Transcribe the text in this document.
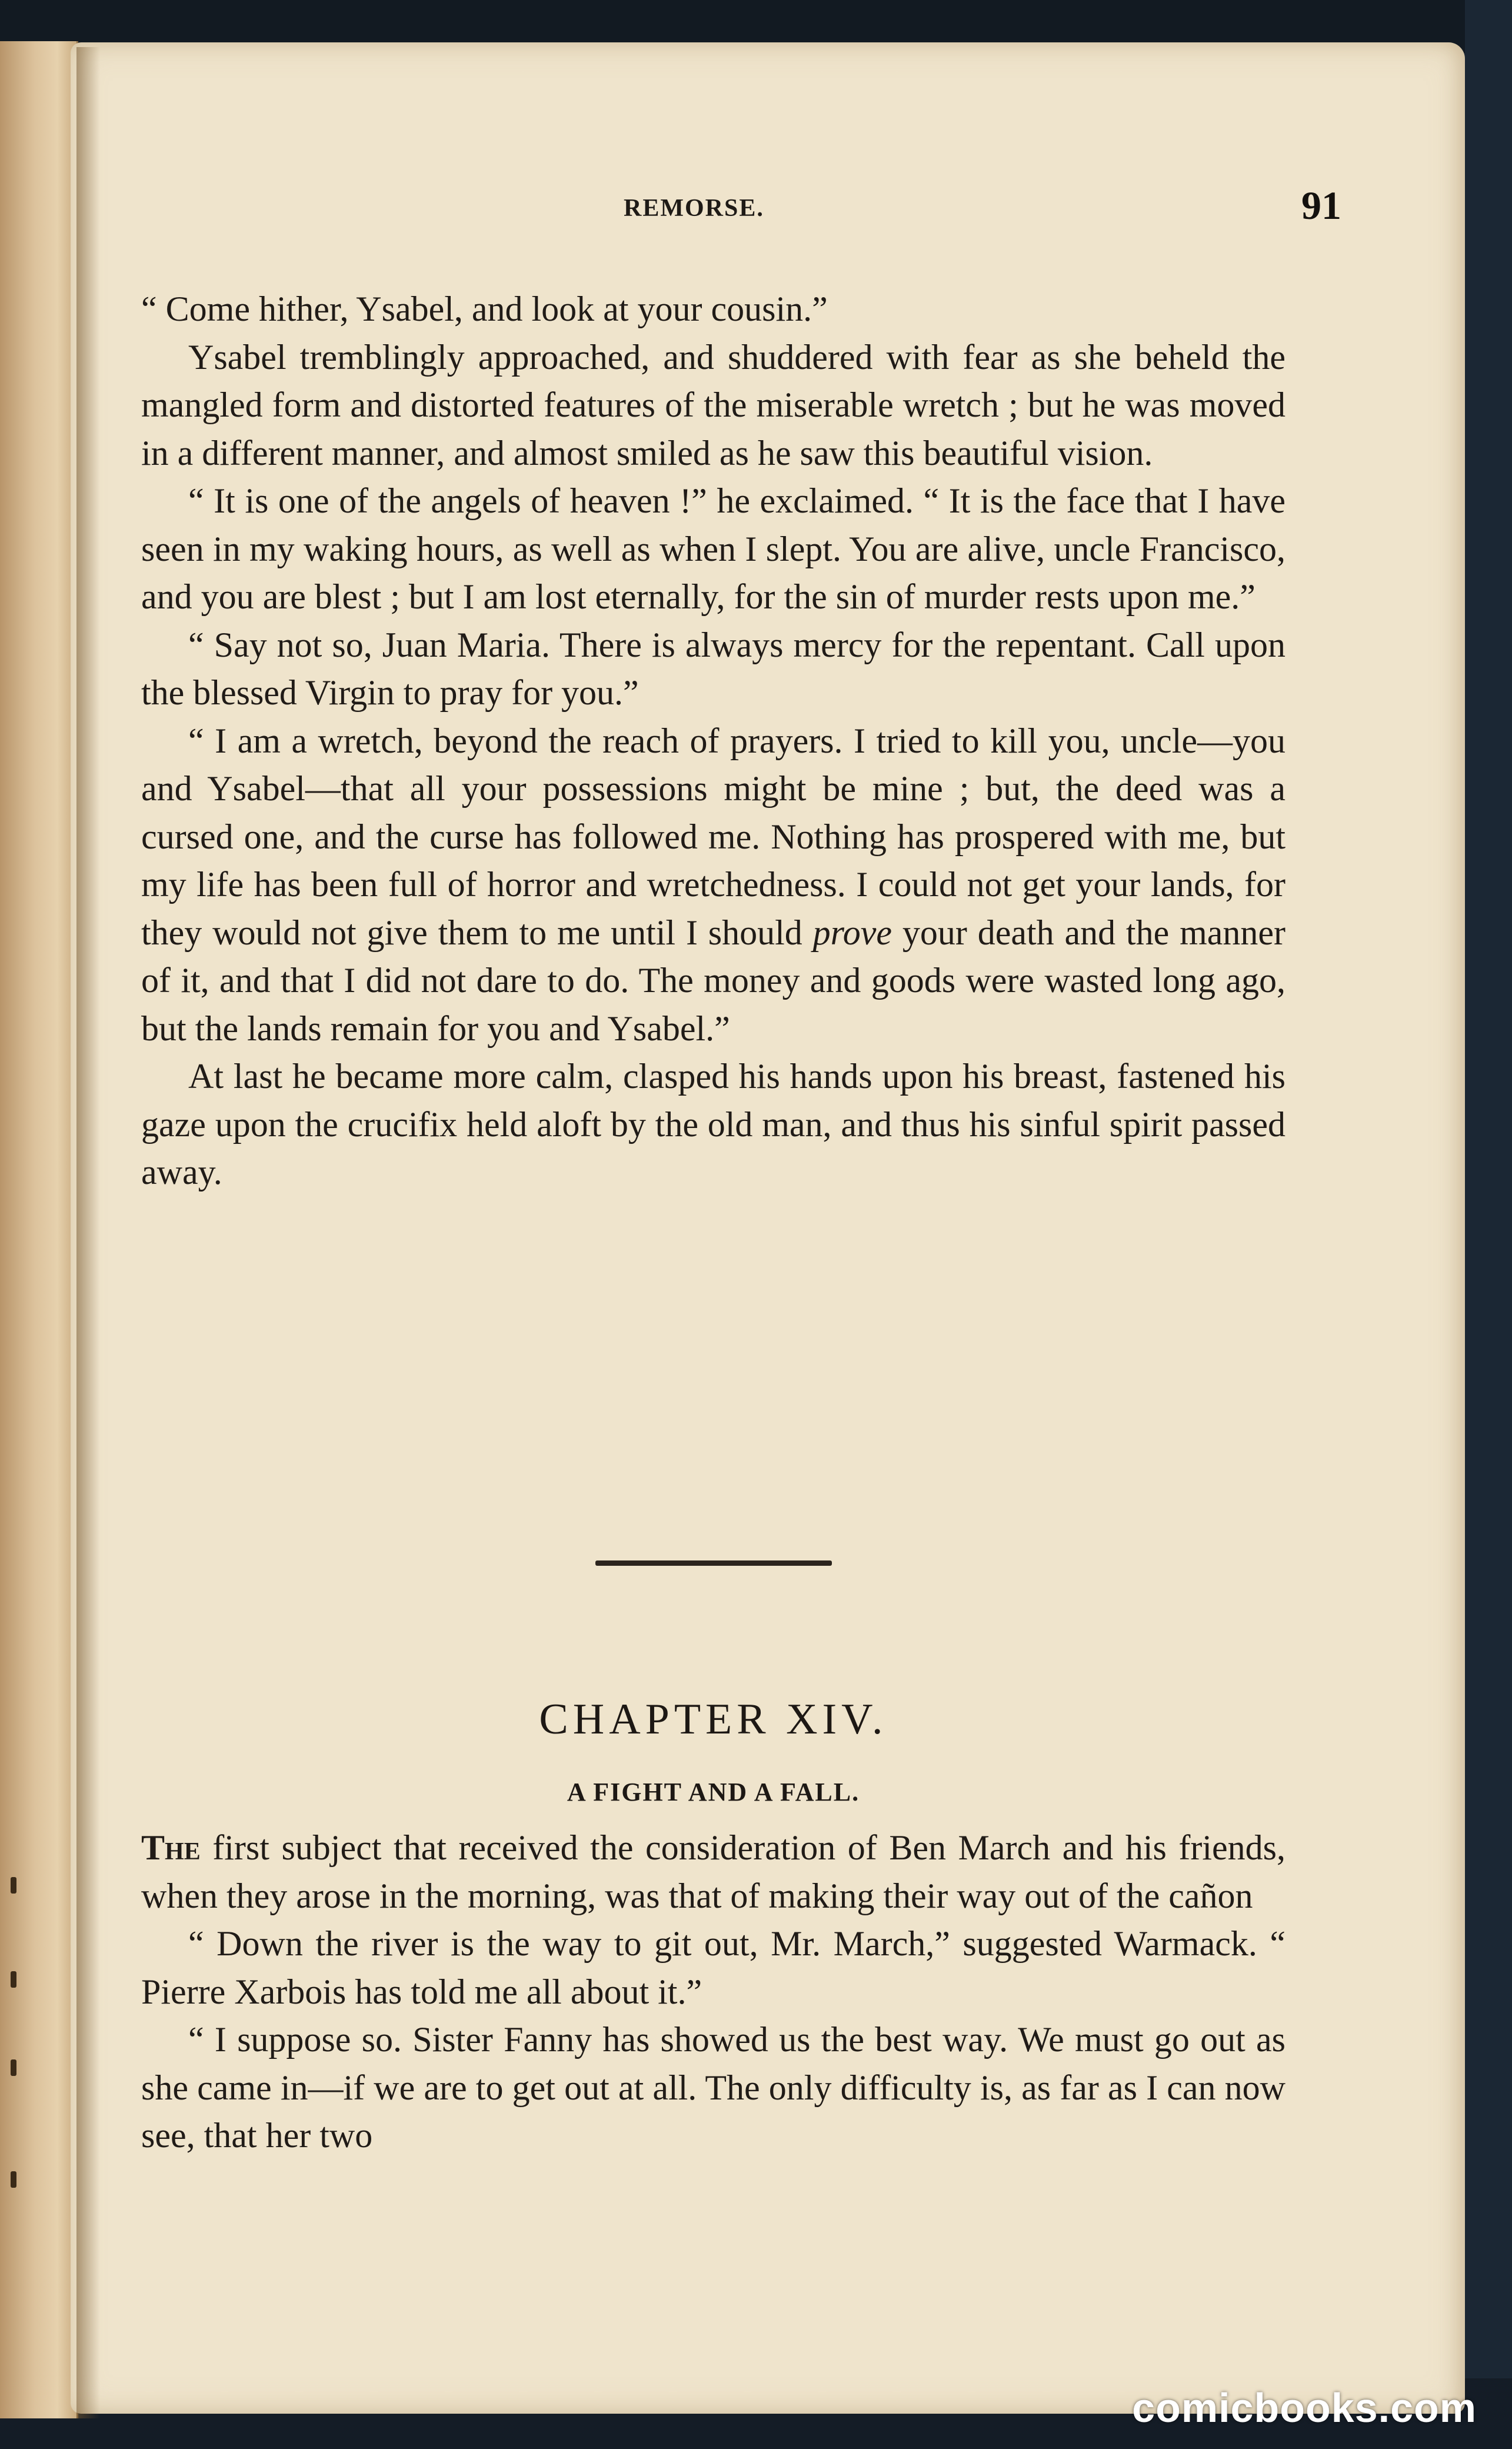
REMORSE.	91

“ Come hither, Ysabel, and look at your cousin.”

Ysabel tremblingly approached, and shuddered with fear as she beheld the mangled form and distorted features of the miserable wretch ; but he was moved in a different manner, and almost smiled as he saw this beautiful vision.

“ It is one of the angels of heaven !” he exclaimed. “ It is the face that I have seen in my waking hours, as well as when I slept. You are alive, uncle Francisco, and you are blest ; but I am lost eternally, for the sin of murder rests upon me.”

“ Say not so, Juan Maria. There is always mercy for the repentant. Call upon the blessed Virgin to pray for you.”

“ I am a wretch, beyond the reach of prayers. I tried to kill you, uncle—you and Ysabel—that all your possessions might be mine ; but, the deed was a cursed one, and the curse has followed me. Nothing has prospered with me, but my life has been full of horror and wretchedness. I could not get your lands, for they would not give them to me until I should prove your death and the manner of it, and that I did not dare to do. The money and goods were wasted long ago, but the lands remain for you and Ysabel.”

At last he became more calm, clasped his hands upon his breast, fastened his gaze upon the crucifix held aloft by the old man, and thus his sinful spirit passed away.

CHAPTER XIV.
A FIGHT AND A FALL.

The first subject that received the consideration of Ben March and his friends, when they arose in the morning, was that of making their way out of the cañon

“ Down the river is the way to git out, Mr. March,” suggested Warmack. “ Pierre Xarbois has told me all about it.”

“ I suppose so. Sister Fanny has showed us the best way. We must go out as she came in—if we are to get out at all. The only difficulty is, as far as I can now see, that her two

comicbooks.com
